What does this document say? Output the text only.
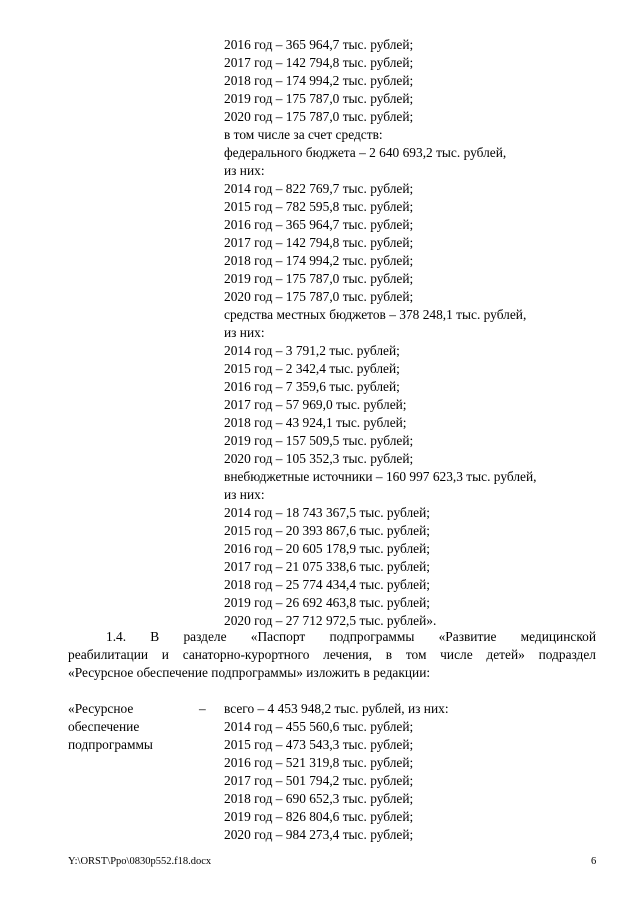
2016 год – 365 964,7 тыс. рублей;
2017 год – 142 794,8 тыс. рублей;
2018 год – 174 994,2 тыс. рублей;
2019 год – 175 787,0 тыс. рублей;
2020 год – 175 787,0 тыс. рублей;
в том числе за счет средств:
федерального бюджета – 2 640 693,2 тыс. рублей,
из них:
2014 год – 822 769,7 тыс. рублей;
2015 год – 782 595,8 тыс. рублей;
2016 год – 365 964,7 тыс. рублей;
2017 год – 142 794,8 тыс. рублей;
2018 год – 174 994,2 тыс. рублей;
2019 год – 175 787,0 тыс. рублей;
2020 год – 175 787,0 тыс. рублей;
средства местных бюджетов – 378 248,1 тыс. рублей,
из них:
2014 год – 3 791,2 тыс. рублей;
2015 год – 2 342,4 тыс. рублей;
2016 год – 7 359,6 тыс. рублей;
2017 год – 57 969,0 тыс. рублей;
2018 год – 43 924,1 тыс. рублей;
2019 год – 157 509,5 тыс. рублей;
2020 год – 105 352,3 тыс. рублей;
внебюджетные источники – 160 997 623,3 тыс. рублей,
из них:
2014 год – 18 743 367,5 тыс. рублей;
2015 год – 20 393 867,6 тыс. рублей;
2016 год – 20 605 178,9 тыс. рублей;
2017 год – 21 075 338,6 тыс. рублей;
2018 год – 25 774 434,4 тыс. рублей;
2019 год – 26 692 463,8 тыс. рублей;
2020 год – 27 712 972,5 тыс. рублей».
1.4. В разделе «Паспорт подпрограммы «Развитие медицинской
реабилитации и санаторно-курортного лечения, в том числе детей» подраздел
«Ресурсное обеспечение подпрограммы» изложить в редакции:
«Ресурсное
обеспечение
подпрограммы
– всего – 4 453 948,2 тыс. рублей, из них:
2014 год – 455 560,6 тыс. рублей;
2015 год – 473 543,3 тыс. рублей;
2016 год – 521 319,8 тыс. рублей;
2017 год – 501 794,2 тыс. рублей;
2018 год – 690 652,3 тыс. рублей;
2019 год – 826 804,6 тыс. рублей;
2020 год – 984 273,4 тыс. рублей;
Y:\ORST\Ppo\0830p552.f18.docx	6
